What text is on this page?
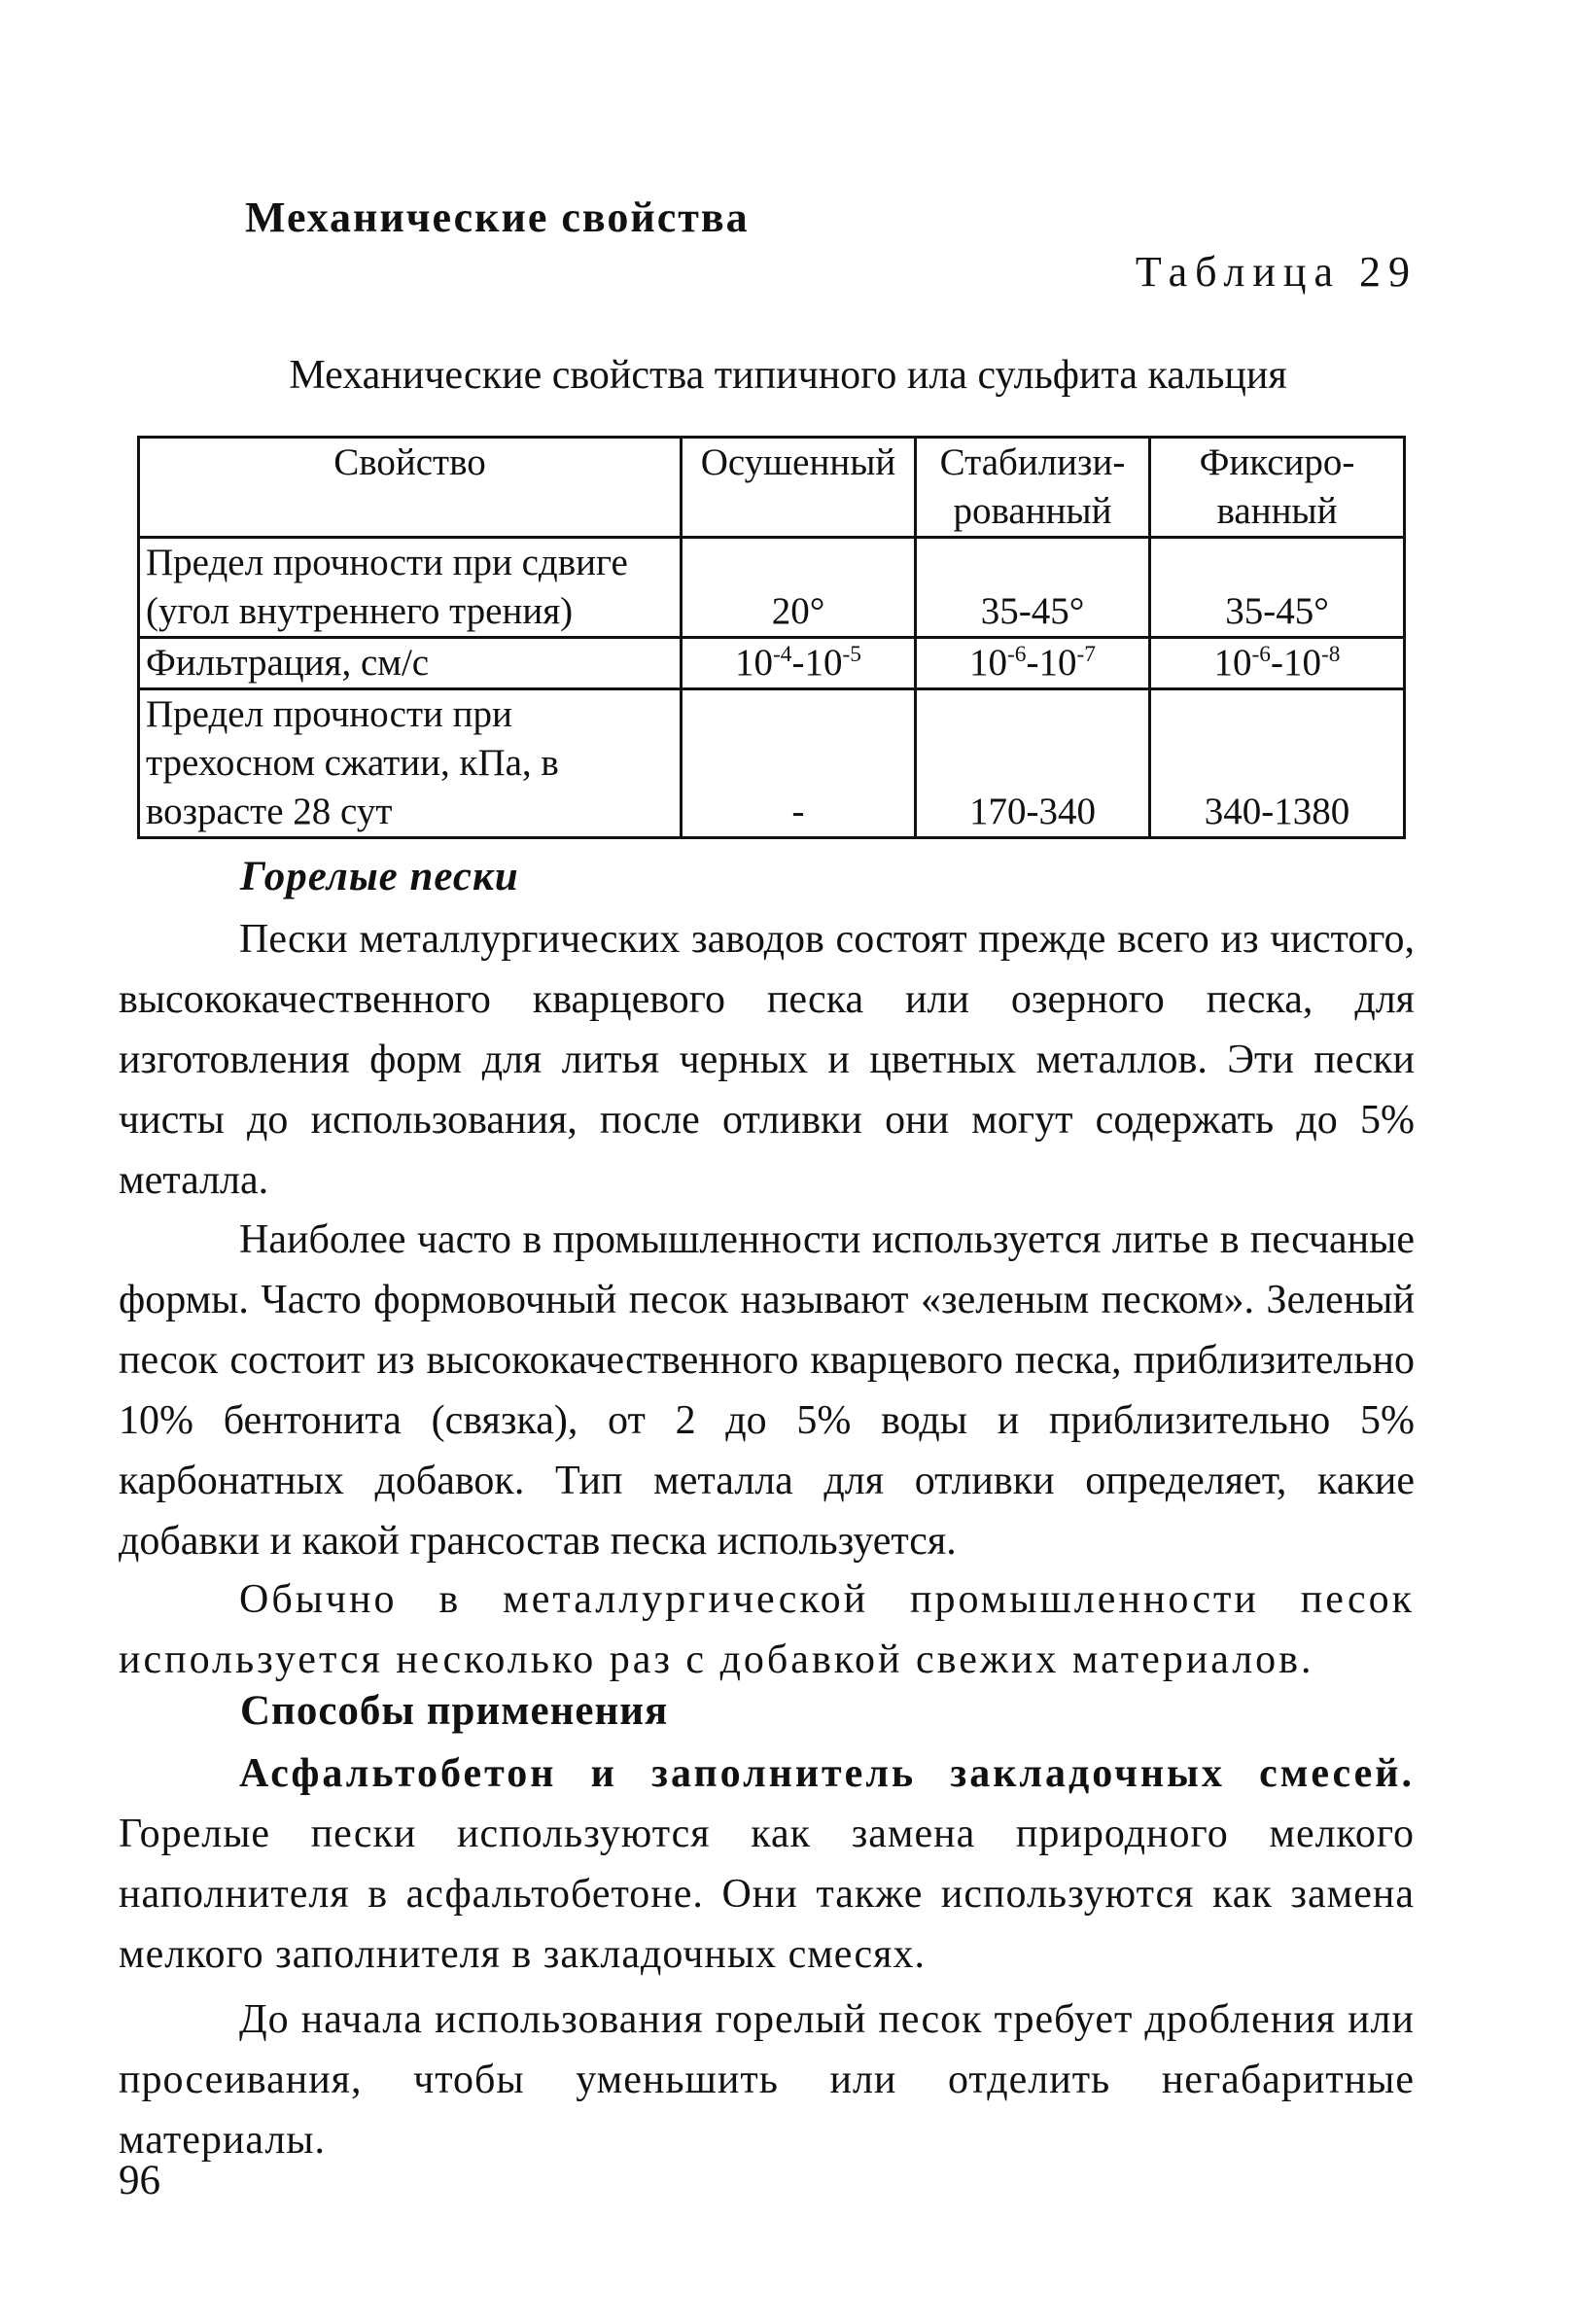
Механические свойства
Таблица 29
Механические свойства типичного ила сульфита кальция
Свойство	Осушенный	Стабилизи-рованный	Фиксиро-ванный
Предел прочности при сдвиге (угол внутреннего трения)	20°	35-45°	35-45°
Фильтрация, см/с	$10^{-4}-10^{-5}$	$10^{-6}-10^{-7}$	$10^{-6}-10^{-8}$
Предел прочности при трехосном сжатии, кПа, в возрасте 28 сут	-	170-340	340-1380
Горелые пески
Пески металлургических заводов состоят прежде всего из чистого, высококачественного кварцевого песка или озерного песка, для изготовления форм для литья черных и цветных металлов. Эти пески чисты до использования, после отливки они могут содержать до 5% металла.
Наиболее часто в промышленности используется литье в песчаные формы. Часто формовочный песок называют «зеленым песком». Зеленый песок состоит из высококачественного кварцевого песка, приблизительно 10% бентонита (связка), от 2 до 5% воды и приблизительно 5% карбонатных добавок. Тип металла для отливки определяет, какие добавки и какой грансостав песка используется.
Обычно в металлургической промышленности песок используется несколько раз с добавкой свежих материалов.
Способы применения
Асфальтобетон и заполнитель закладочных смесей. Горелые пески используются как замена природного мелкого наполнителя в асфальтобетоне. Они также используются как замена мелкого заполнителя в закладочных смесях.
До начала использования горелый песок требует дробления или просеивания, чтобы уменьшить или отделить негабаритные материалы.
96
